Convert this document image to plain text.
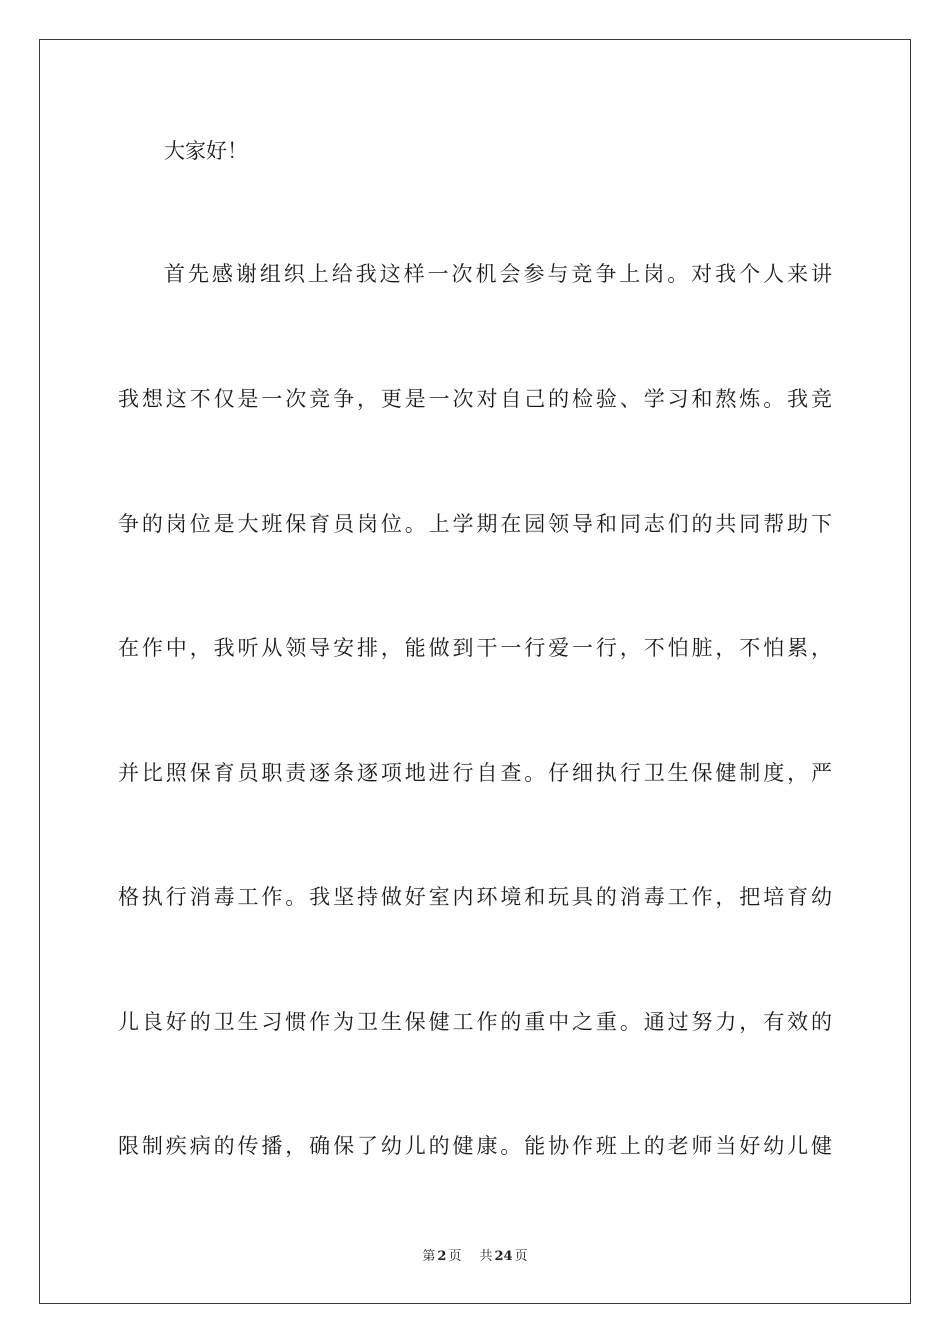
大家好！
首先感谢组织上给我这样一次机会参与竞争上岗。对我个人来讲
我想这不仅是一次竞争，更是一次对自己的检验、学习和熬炼。我竞
争的岗位是大班保育员岗位。上学期在园领导和同志们的共同帮助下
在作中，我听从领导安排，能做到干一行爱一行，不怕脏，不怕累，
并比照保育员职责逐条逐项地进行自查。仔细执行卫生保健制度，严
格执行消毒工作。我坚持做好室内环境和玩具的消毒工作，把培育幼
儿良好的卫生习惯作为卫生保健工作的重中之重。通过努力，有效的
限制疾病的传播，确保了幼儿的健康。能协作班上的老师当好幼儿健
第 2 页 共 24 页
